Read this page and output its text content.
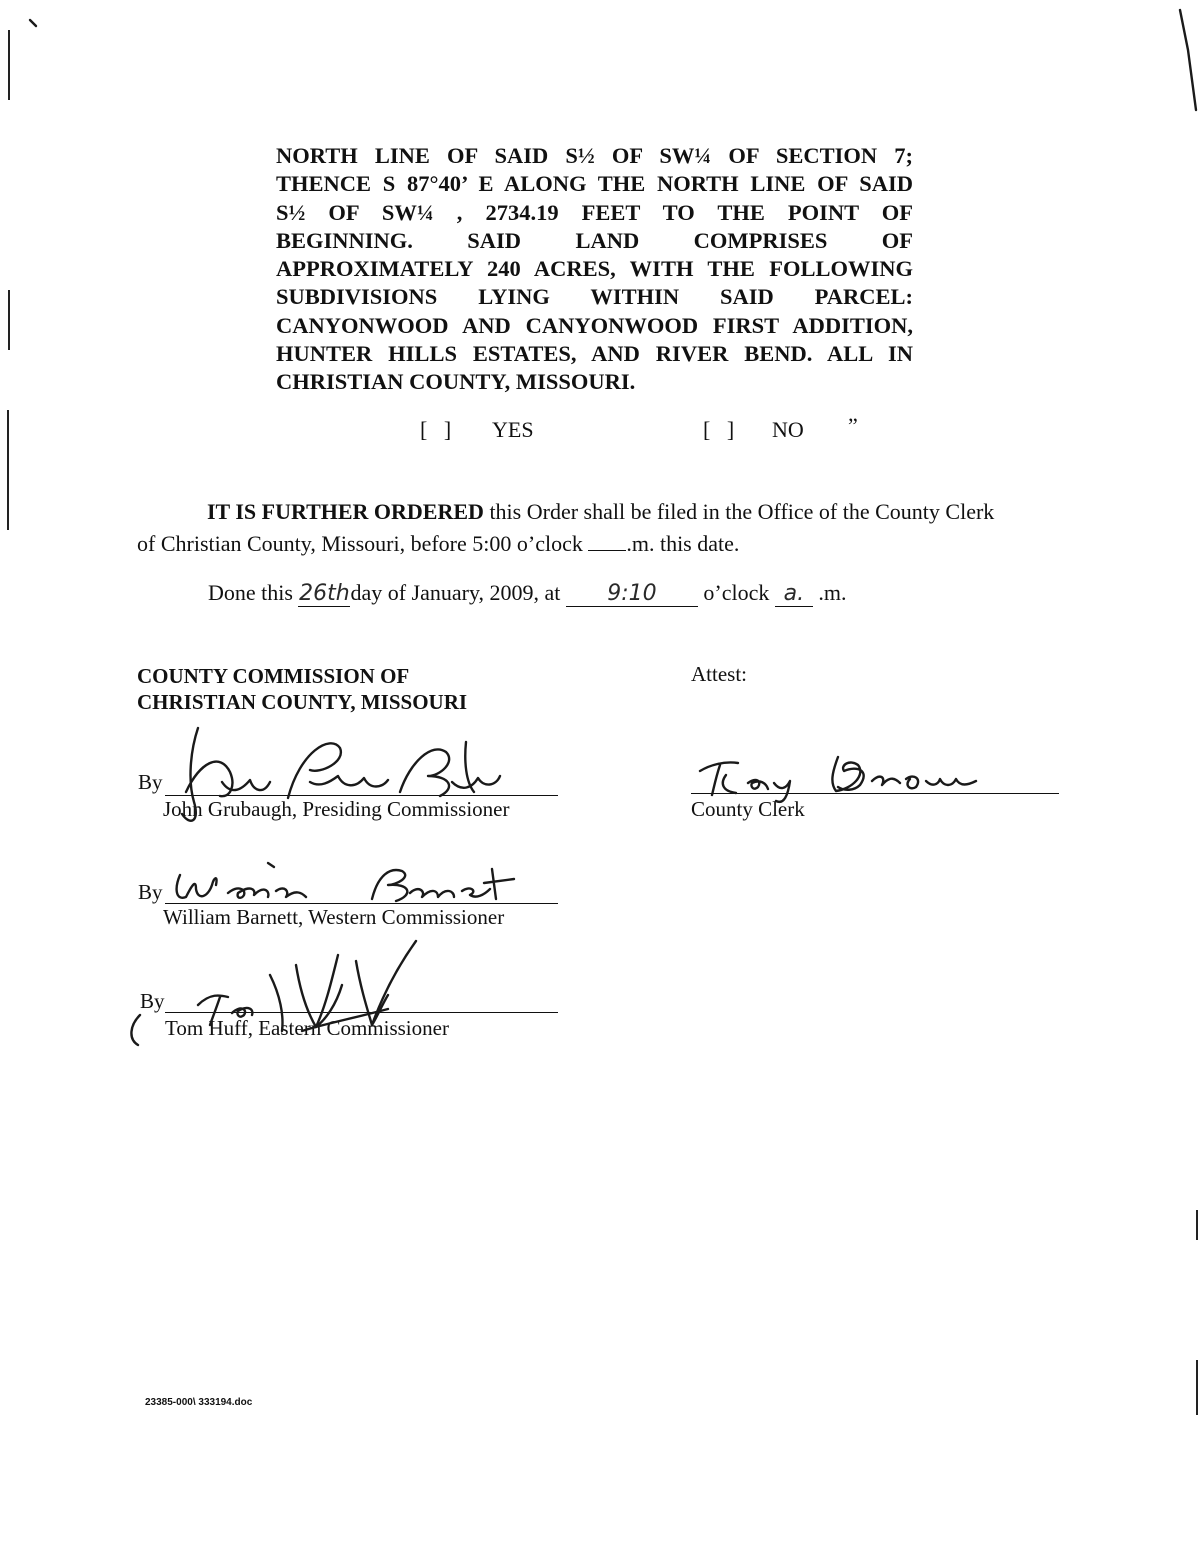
NORTH LINE OF SAID S½ OF SW¼ OF SECTION 7;
THENCE S 87°40’ E ALONG THE NORTH LINE OF SAID
S½ OF SW¼ , 2734.19 FEET TO THE POINT OF
BEGINNING. SAID LAND COMPRISES OF
APPROXIMATELY 240 ACRES, WITH THE FOLLOWING
SUBDIVISIONS LYING WITHIN SAID PARCEL:
CANYONWOOD AND CANYONWOOD FIRST ADDITION,
HUNTER HILLS ESTATES, AND RIVER BEND. ALL IN
CHRISTIAN COUNTY, MISSOURI.
[   ] YES	[   ] NO ”
IT IS FURTHER ORDERED this Order shall be filed in the Office of the County Clerk
of Christian County, Missouri, before 5:00 o’clock .m. this date.
Done this 26thday of January, 2009, at 9:10 o’clock a. .m.
COUNTY COMMISSION OF
CHRISTIAN COUNTY, MISSOURI
Attest:
By
John Grubaugh, Presiding Commissioner
By
William Barnett, Western Commissioner
By
Tom Huff, Eastern Commissioner
County Clerk
23385-000\ 333194.doc
